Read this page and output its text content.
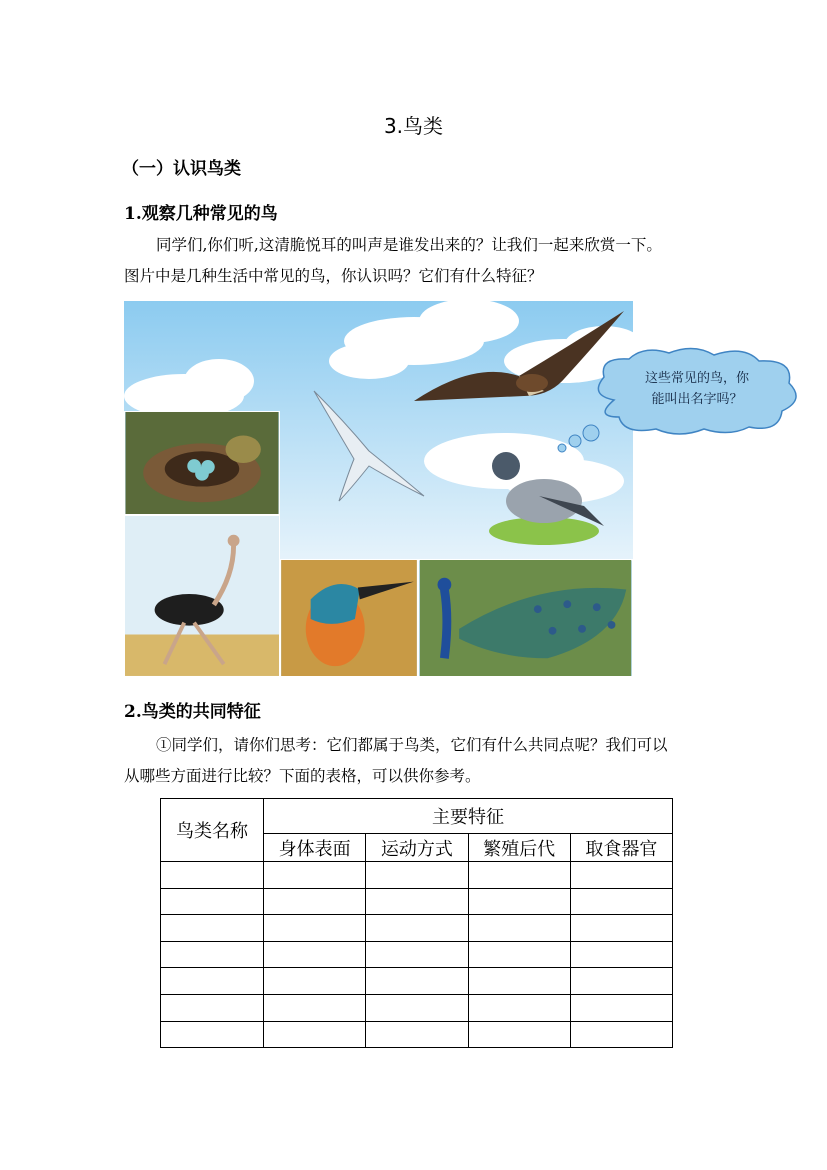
3.鸟类
（一）认识鸟类
1.观察几种常见的鸟
同学们,你们听,这清脆悦耳的叫声是谁发出来的？让我们一起来欣赏一下。
图片中是几种生活中常见的鸟，你认识吗？它们有什么特征？
这些常见的鸟，你
能叫出名字吗？
2.鸟类的共同特征
①同学们，请你们思考：它们都属于鸟类，它们有什么共同点呢？我们可以
从哪些方面进行比较？下面的表格，可以供你参考。
鸟类名称	主要特征			
	身体表面	运动方式	繁殖后代	取食器官
